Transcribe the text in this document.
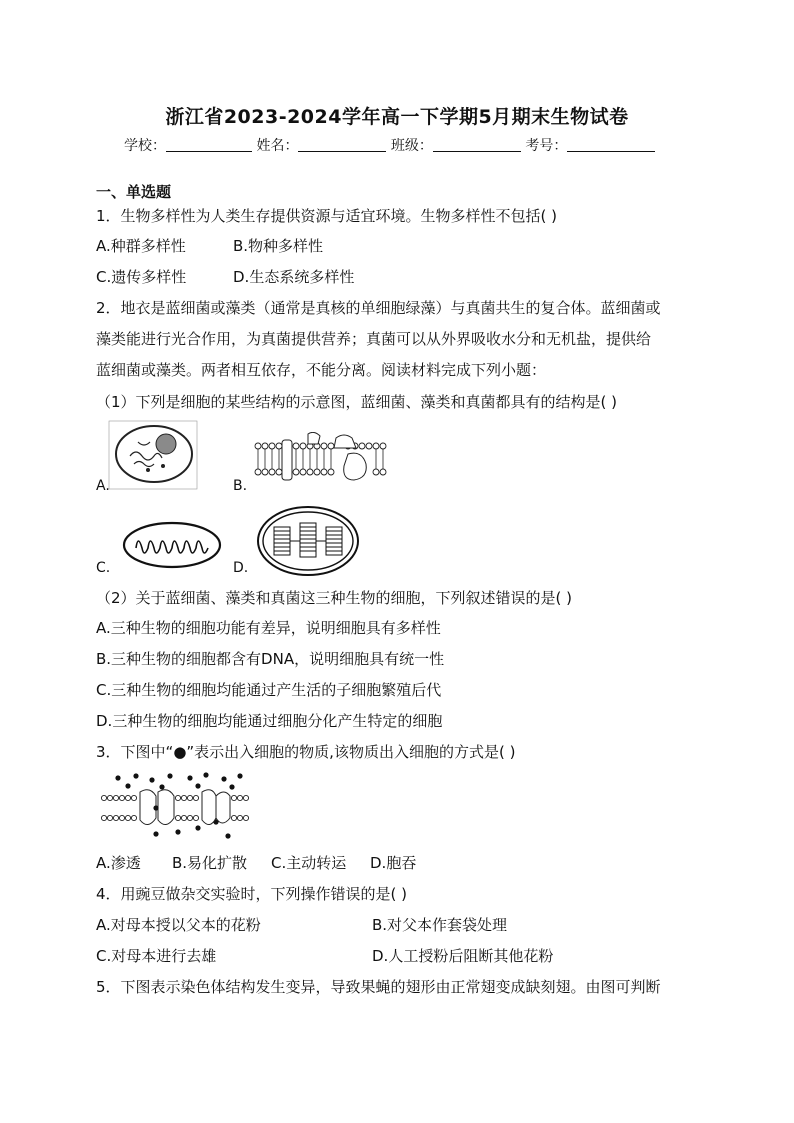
浙江省2023-2024学年高一下学期5月期末生物试卷
学校：	姓名：	班级：	考号：
一、单选题
1．生物多样性为人类生存提供资源与适宜环境。生物多样性不包括( )
A.种群多样性	B.物种多样性
C.遗传多样性	D.生态系统多样性
2．地衣是蓝细菌或藻类（通常是真核的单细胞绿藻）与真菌共生的复合体。蓝细菌或
藻类能进行光合作用，为真菌提供营养；真菌可以从外界吸收水分和无机盐，提供给
蓝细菌或藻类。两者相互依存，不能分离。阅读材料完成下列小题：
（1）下列是细胞的某些结构的示意图，蓝细菌、藻类和真菌都具有的结构是( )
A.	B.
C.	D.
（2）关于蓝细菌、藻类和真菌这三种生物的细胞，下列叙述错误的是( )
A.三种生物的细胞功能有差异，说明细胞具有多样性
B.三种生物的细胞都含有DNA，说明细胞具有统一性
C.三种生物的细胞均能通过产生活的子细胞繁殖后代
D.三种生物的细胞均能通过细胞分化产生特定的细胞
3．下图中“●”表示出入细胞的物质,该物质出入细胞的方式是( )
A.渗透 B.易化扩散 C.主动转运 D.胞吞
4．用豌豆做杂交实验时，下列操作错误的是( )
A.对母本授以父本的花粉	B.对父本作套袋处理
C.对母本进行去雄	D.人工授粉后阻断其他花粉
5．下图表示染色体结构发生变异，导致果蝇的翅形由正常翅变成缺刻翅。由图可判断
